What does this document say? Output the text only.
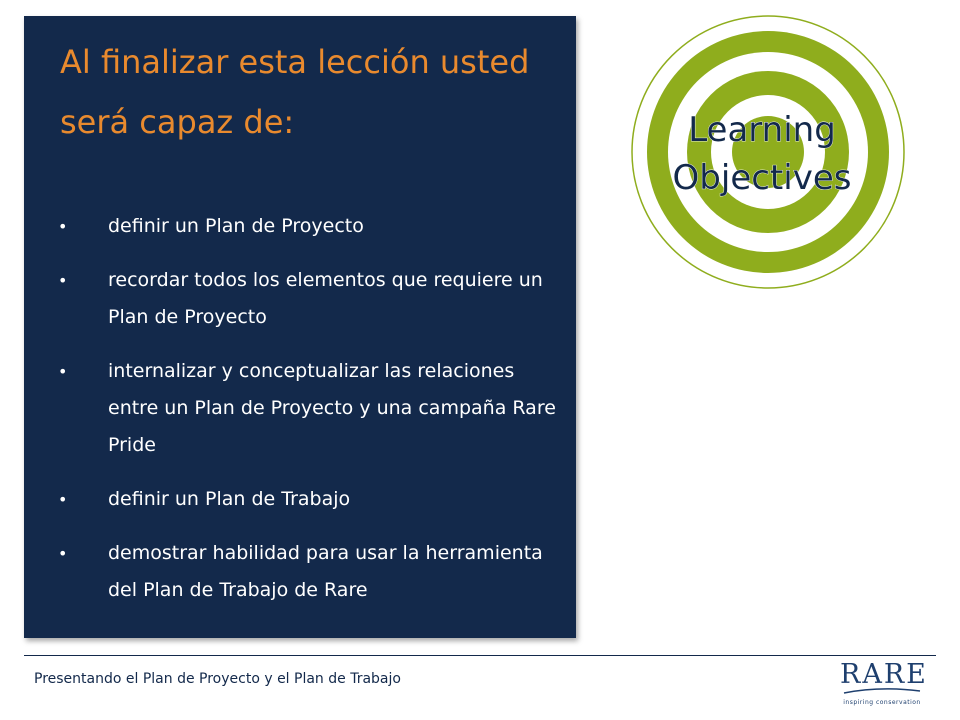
Al finalizar esta lección usted será capaz de:
• definir un Plan de Proyecto
• recordar todos los elementos que requiere un Plan de Proyecto
• internalizar y conceptualizar las relaciones entre un Plan de Proyecto y una campaña Rare Pride
• definir un Plan de Trabajo
• demostrar habilidad para usar la herramienta del Plan de Trabajo de Rare
Learning
Objectives
Presentando el Plan de Proyecto y el Plan de Trabajo	RARE
inspiring conservation
